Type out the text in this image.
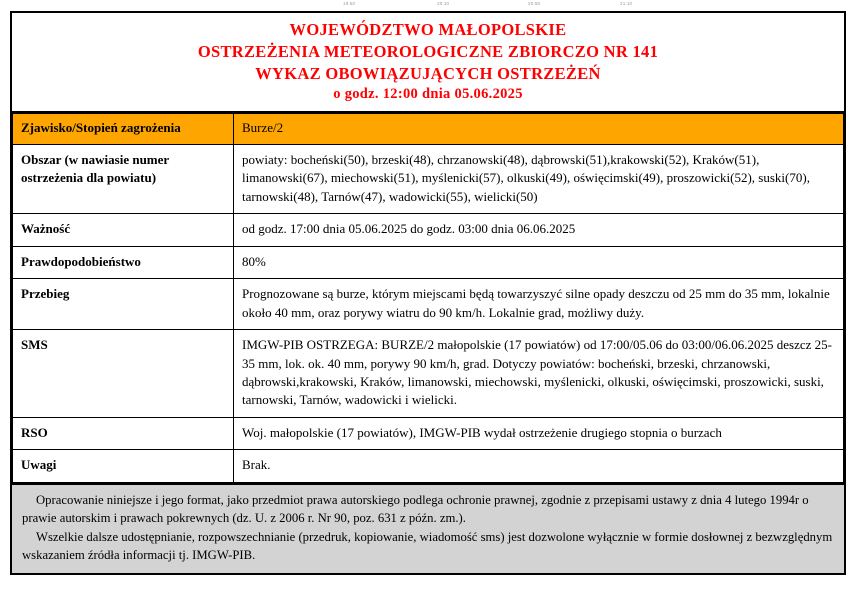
19:50	20:10	20:50	21:10
WOJEWÓDZTWO MAŁOPOLSKIE
OSTRZEŻENIA METEOROLOGICZNE ZBIORCZO NR 141
WYKAZ OBOWIĄZUJĄCYCH OSTRZEŻEŃ
o godz. 12:00 dnia 05.06.2025
Zjawisko/Stopień zagrożenia	Burze/2

Obszar (w nawiasie numer ostrzeżenia dla powiatu)	powiaty: bocheński(50), brzeski(48), chrzanowski(48), dąbrowski(51),krakowski(52), Kraków(51), limanowski(67), miechowski(51), myślenicki(57), olkuski(49), oświęcimski(49), proszowicki(52), suski(70), tarnowski(48), Tarnów(47), wadowicki(55), wielicki(50)

Ważność	od godz. 17:00 dnia 05.06.2025 do godz. 03:00 dnia 06.06.2025

Prawdopodobieństwo	80%

Przebieg	Prognozowane są burze, którym miejscami będą towarzyszyć silne opady deszczu od 25 mm do 35 mm, lokalnie około 40 mm, oraz porywy wiatru do 90 km/h. Lokalnie grad, możliwy duży.

SMS	IMGW-PIB OSTRZEGA: BURZE/2 małopolskie (17 powiatów) od 17:00/05.06 do 03:00/06.06.2025 deszcz 25-35 mm, lok. ok. 40 mm, porywy 90 km/h, grad. Dotyczy powiatów: bocheński, brzeski, chrzanowski, dąbrowski,krakowski, Kraków, limanowski, miechowski, myślenicki, olkuski, oświęcimski, proszowicki, suski, tarnowski, Tarnów, wadowicki i wielicki.

RSO	Woj. małopolskie (17 powiatów), IMGW-PIB wydał ostrzeżenie drugiego stopnia o burzach

Uwagi	Brak.

Opracowanie niniejsze i jego format, jako przedmiot prawa autorskiego podlega ochronie prawnej, zgodnie z przepisami ustawy z dnia 4 lutego 1994r o prawie autorskim i prawach pokrewnych (dz. U. z 2006 r. Nr 90, poz. 631 z późn. zm.).

Wszelkie dalsze udostępnianie, rozpowszechnianie (przedruk, kopiowanie, wiadomość sms) jest dozwolone wyłącznie w formie dosłownej z bezwzględnym wskazaniem źródła informacji tj. IMGW-PIB.
